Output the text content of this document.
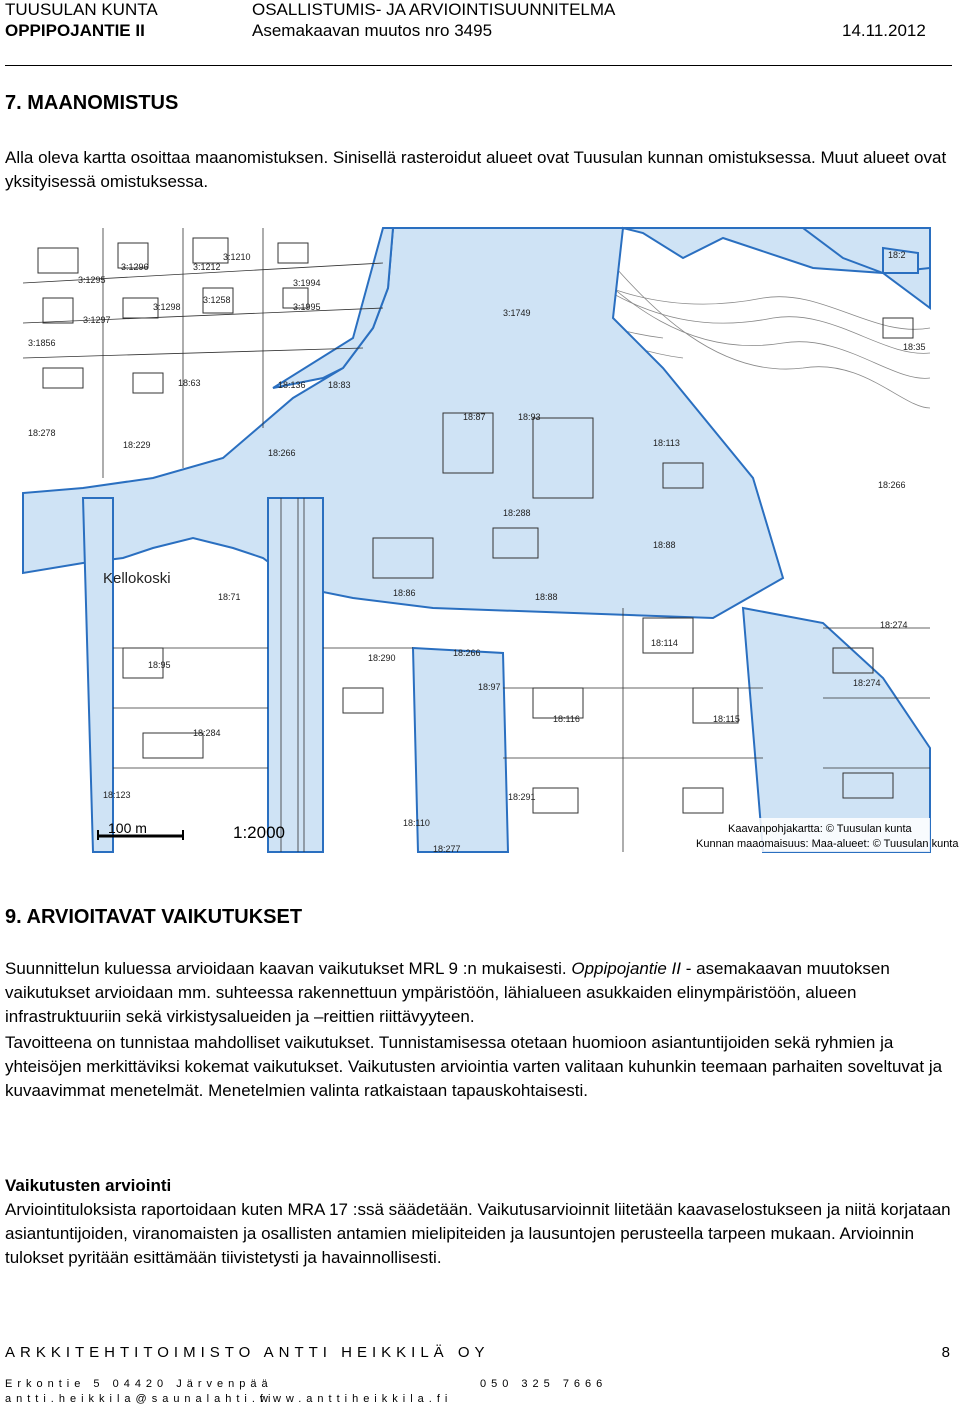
TUUSULAN KUNTA
OPPIPOJANTIE II
OSALLISTUMIS- JA ARVIOINTISUUNNITELMA
Asemakaavan muutos nro 3495	14.11.2012
7. MAANOMISTUS

Alla oleva kartta osoittaa maanomistuksen. Sinisellä rasteroidut alueet ovat Tuusulan kunnan omistuksessa. Muut alueet ovat yksityisessä omistuksessa.

3:1296	3:1212
3:1210
3:1295
3:1258
3:1994
3:1298
3:1297
3:1995
3:1856
3:1749
18:63	18:136 18:83
18:87	18:93
18:113
18:278
18:229
18:266
18:266
18:288
18:88
18:71	18:86	18:88
18:290	18:266
18:97
18:95
18:114
18:284
18:123
18:116	18:115
18:291
18:274
18:35
18:2
18:110
18:277
18:274
Kellokoski
100 m	1:2000	Kaavanpohjakartta: © Tuusulan kunta
Kunnan maaomaisuus: Maa-alueet: © Tuusulan kunta
9. ARVIOITAVAT VAIKUTUKSET

Suunnittelun kuluessa arvioidaan kaavan vaikutukset MRL 9 :n mukaisesti. Oppipojantie II - asemakaavan muutoksen vaikutukset arvioidaan mm. suhteessa rakennettuun ympäristöön, lähialueen asukkaiden elinympäristöön, alueen infrastruktuuriin sekä virkistysalueiden ja –reittien riittävyyteen.

Tavoitteena on tunnistaa mahdolliset vaikutukset. Tunnistamisessa otetaan huomioon asiantuntijoiden sekä ryhmien ja yhteisöjen merkittäviksi kokemat vaikutukset. Vaikutusten arviointia varten valitaan kuhunkin teemaan parhaiten soveltuvat ja kuvaavimmat menetelmät. Menetelmien valinta ratkaistaan tapauskohtaisesti.

Vaikutusten arviointi

Arviointituloksista raportoidaan kuten MRA 17 :ssä säädetään. Vaikutusarvioinnit liitetään kaavaselostukseen ja niitä korjataan asiantuntijoiden, viranomaisten ja osallisten antamien mielipiteiden ja lausuntojen perusteella tarpeen mukaan. Arvioinnin tulokset pyritään esittämään tiivistetysti ja havainnollisesti.

ARKKITEHTITOIMISTO ANTTI HEIKKILÄ OY	8
Erkontie 5 04420 Järvenpää	050 325 7666
antti.heikkila@saunalahti.fi
www.anttiheikkila.fi
